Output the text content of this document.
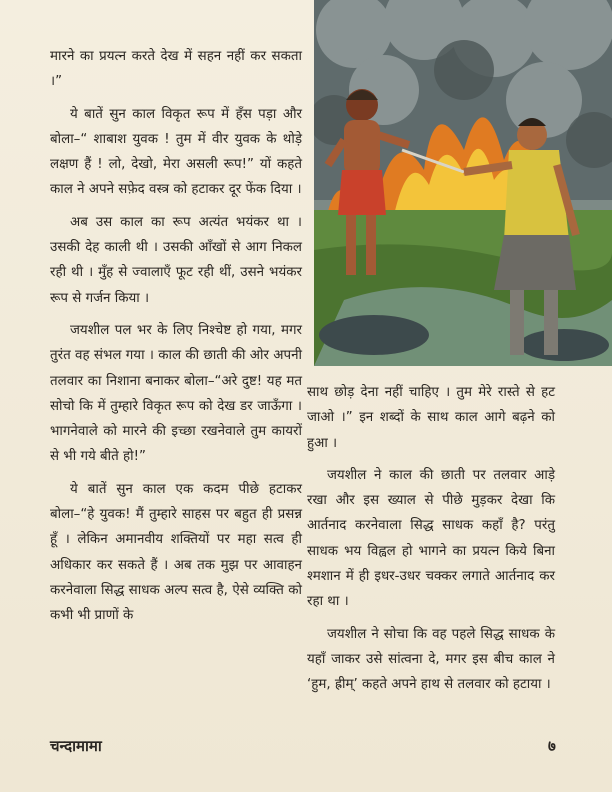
मारने का प्रयत्न करते देख में सहन नहीं कर सकता ।”

ये बातें सुन काल विकृत रूप में हँस पड़ा और बोला–“ शाबाश युवक ! तुम में वीर युवक के थोड़े लक्षण हैं ! लो, देखो, मेरा असली रूप!” यों कहते काल ने अपने सफ़ेद वस्त्र को हटाकर दूर फेंक दिया ।

अब उस काल का रूप अत्यंत भयंकर था । उसकी देह काली थी । उसकी आँखों से आग निकल रही थी । मुँह से ज्वालाएँ फूट रही थीं, उसने भयंकर रूप से गर्जन किया ।

जयशील पल भर के लिए निश्चेष्ट हो गया, मगर तुरंत वह संभल गया । काल की छाती की ओर अपनी तलवार का निशाना बनाकर बोला–“अरे दुष्ट! यह मत सोचो कि में तुम्हारे विकृत रूप को देख डर जाऊँगा । भागनेवाले को मारने की इच्छा रखनेवाले तुम कायरों से भी गये बीते हो!”

ये बातें सुन काल एक कदम पीछे हटाकर बोला–“हे युवक! मैं तुम्हारे साहस पर बहुत ही प्रसन्न हूँ । लेकिन अमानवीय शक्तियों पर महा सत्व ही अधिकार कर सकते हैं । अब तक मुझ पर आवाहन करनेवाला सिद्ध साधक अल्प सत्व है, ऐसे व्यक्ति को कभी भी प्राणों के

साथ छोड़ देना नहीं चाहिए । तुम मेरे रास्ते से हट जाओ ।” इन शब्दों के साथ काल आगे बढ़ने को हुआ ।

जयशील ने काल की छाती पर तलवार आड़े रखा और इस ख्याल से पीछे मुड़कर देखा कि आर्तनाद करनेवाला सिद्ध साधक कहाँ है? परंतु साधक भय विह्वल हो भागने का प्रयत्न किये बिना श्मशान में ही इधर-उधर चक्कर लगाते आर्तनाद कर रहा था ।

जयशील ने सोचा कि वह पहले सिद्ध साधक के यहाँ जाकर उसे सांत्वना दे, मगर इस बीच काल ने ‘हुम, ह्रीम्’ कहते अपने हाथ से तलवार को हटाया ।

चन्दामामा	७
